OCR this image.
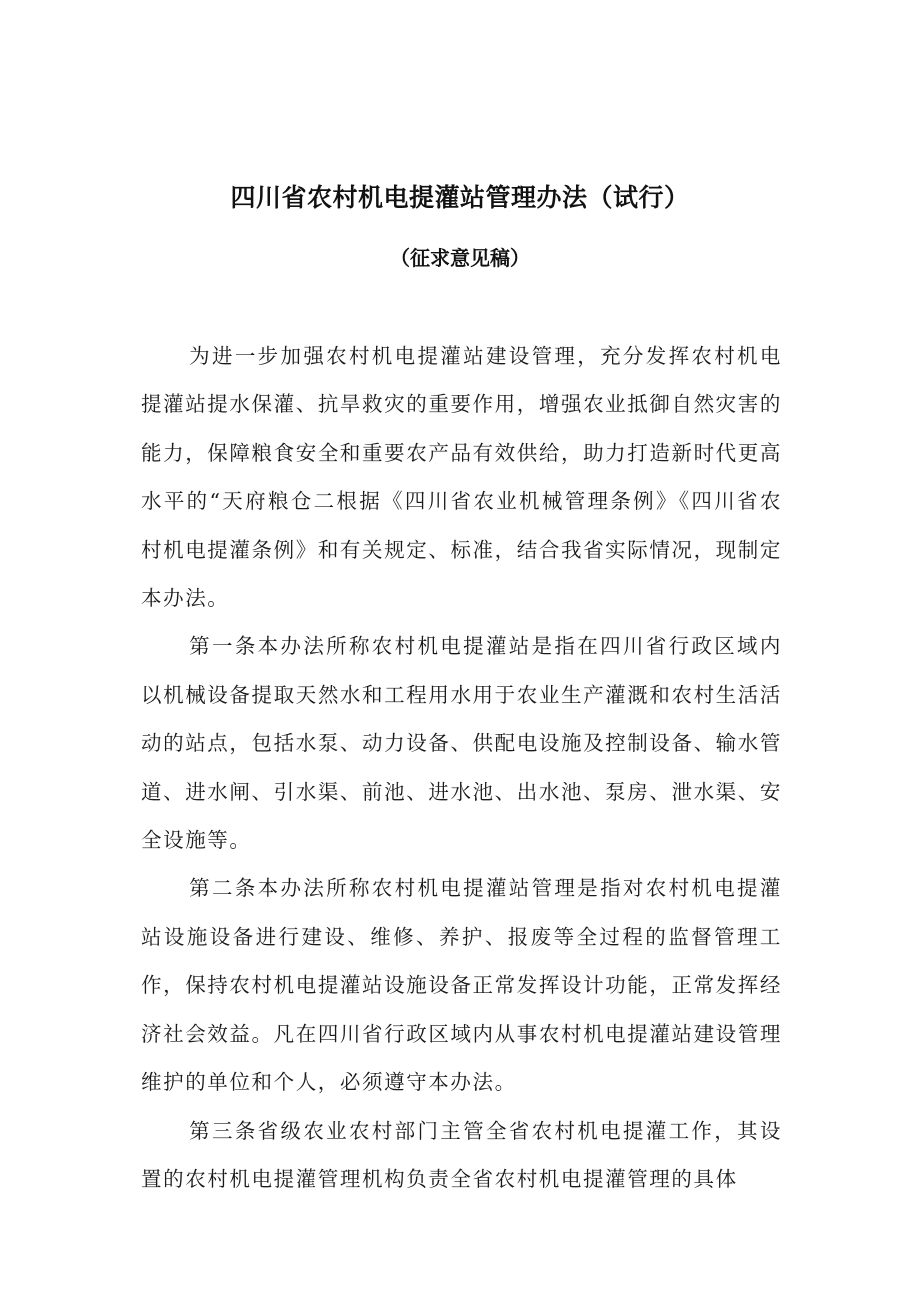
四川省农村机电提灌站管理办法（试行）
（征求意见稿）

为进一步加强农村机电提灌站建设管理，充分发挥农村机电提灌站提水保灌、抗旱救灾的重要作用，增强农业抵御自然灾害的能力，保障粮食安全和重要农产品有效供给，助力打造新时代更高水平的“天府粮仓二根据《四川省农业机械管理条例》《四川省农村机电提灌条例》和有关规定、标准，结合我省实际情况，现制定本办法。

第一条本办法所称农村机电提灌站是指在四川省行政区域内以机械设备提取天然水和工程用水用于农业生产灌溉和农村生活活动的站点，包括水泵、动力设备、供配电设施及控制设备、输水管道、进水闸、引水渠、前池、进水池、出水池、泵房、泄水渠、安全设施等。

第二条本办法所称农村机电提灌站管理是指对农村机电提灌站设施设备进行建设、维修、养护、报废等全过程的监督管理工作，保持农村机电提灌站设施设备正常发挥设计功能，正常发挥经济社会效益。凡在四川省行政区域内从事农村机电提灌站建设管理维护的单位和个人，必须遵守本办法。

第三条省级农业农村部门主管全省农村机电提灌工作，其设置的农村机电提灌管理机构负责全省农村机电提灌管理的具体
